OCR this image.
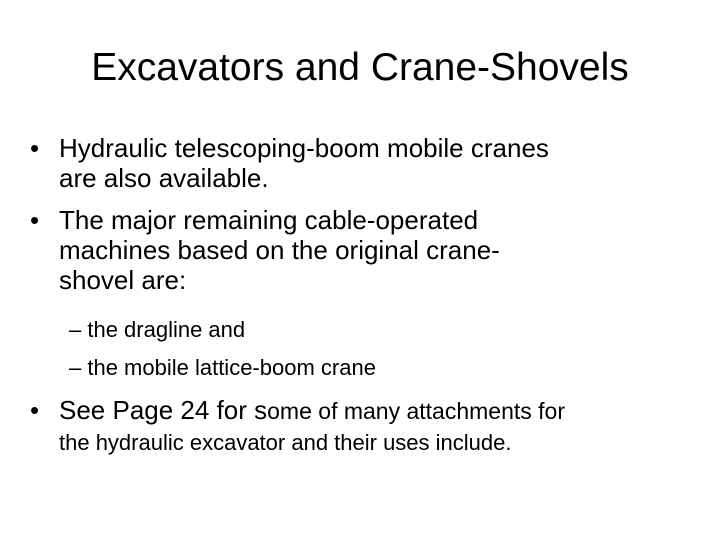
Excavators and Crane-Shovels
• Hydraulic telescoping-boom mobile cranes
are also available.
• The major remaining cable-operated
machines based on the original crane-
shovel are:
– the dragline and
– the mobile lattice-boom crane
• See Page 24 for some of many attachments for
the hydraulic excavator and their uses include.
